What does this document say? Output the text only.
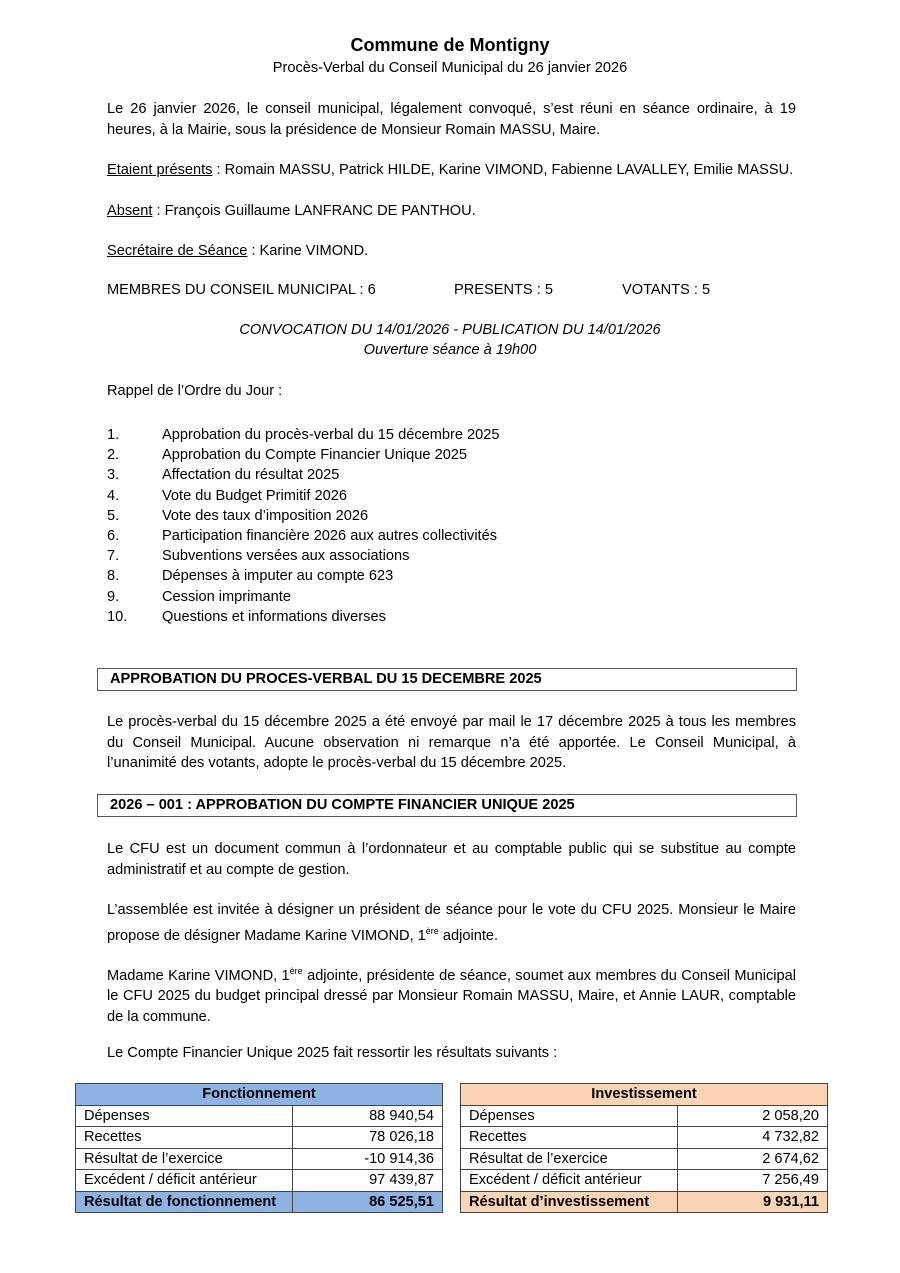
Commune de Montigny
Procès-Verbal du Conseil Municipal du 26 janvier 2026
Le 26 janvier 2026, le conseil municipal, légalement convoqué, s’est réuni en séance ordinaire, à 19 heures, à la Mairie, sous la présidence de Monsieur Romain MASSU, Maire.
Etaient présents : Romain MASSU, Patrick HILDE, Karine VIMOND, Fabienne LAVALLEY, Emilie MASSU.
Absent : François Guillaume LANFRANC DE PANTHOU.
Secrétaire de Séance : Karine VIMOND.
MEMBRES DU CONSEIL MUNICIPAL : 6	PRESENTS : 5	VOTANTS : 5
CONVOCATION DU 14/01/2026 - PUBLICATION DU 14/01/2026
Ouverture séance à 19h00
Rappel de l’Ordre du Jour :
1.	Approbation du procès-verbal du 15 décembre 2025
2.	Approbation du Compte Financier Unique 2025
3.	Affectation du résultat 2025
4.	Vote du Budget Primitif 2026
5.	Vote des taux d’imposition 2026
6.	Participation financière 2026 aux autres collectivités
7.	Subventions versées aux associations
8.	Dépenses à imputer au compte 623
9.	Cession imprimante
10. Questions et informations diverses
APPROBATION DU PROCES-VERBAL DU 15 DECEMBRE 2025
Le procès-verbal du 15 décembre 2025 a été envoyé par mail le 17 décembre 2025 à tous les membres du Conseil Municipal. Aucune observation ni remarque n’a été apportée. Le Conseil Municipal, à l’unanimité des votants, adopte le procès-verbal du 15 décembre 2025.
2026 – 001 : APPROBATION DU COMPTE FINANCIER UNIQUE 2025
Le CFU est un document commun à l’ordonnateur et au comptable public qui se substitue au compte administratif et au compte de gestion.
L’assemblée est invitée à désigner un président de séance pour le vote du CFU 2025. Monsieur le Maire propose de désigner Madame Karine VIMOND, 1ère adjointe.
Madame Karine VIMOND, 1ère adjointe, présidente de séance, soumet aux membres du Conseil Municipal le CFU 2025 du budget principal dressé par Monsieur Romain MASSU, Maire, et Annie LAUR, comptable de la commune.
Le Compte Financier Unique 2025 fait ressortir les résultats suivants :
Fonctionnement	
Dépenses	88 940,54
Recettes	78 026,18
Résultat de l’exercice	-10 914,36
Excédent / déficit antérieur	97 439,87
Résultat de fonctionnement	86 525,51
Investissement	
Dépenses	2 058,20
Recettes	4 732,82
Résultat de l’exercice	2 674,62
Excédent / déficit antérieur	7 256,49
Résultat d’investissement	9 931,11
